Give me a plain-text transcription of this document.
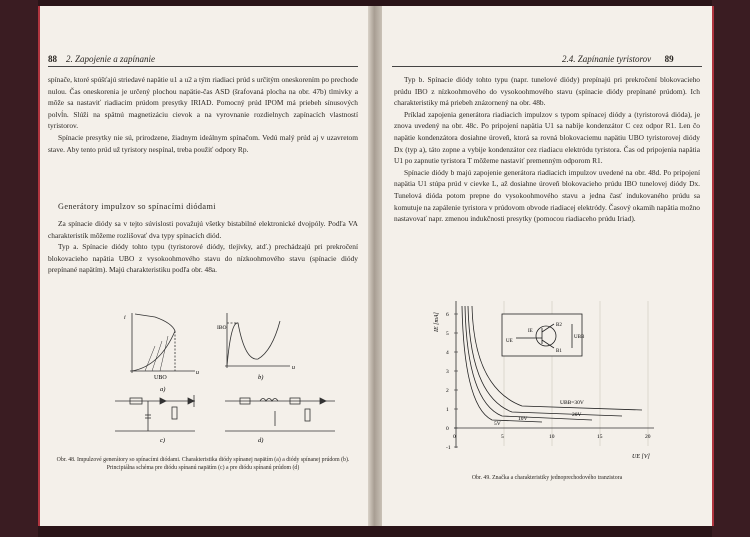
88 2. Zapojenie a zapínanie

spínače, ktoré spúšťajú striedavé napätie u1 a u2 a tým riadiaci prúd s určitým oneskorením po prechode nulou. Čas oneskorenia je určený plochou napätie-čas ASD (šrafovaná plocha na obr. 47b) tlmivky a môže sa nastaviť riadiacim prúdom presytky IRIAD. Pomocný prúd IPOM má priebeh sínusových polvĺn. Slúži na spätnú magnetizáciu cievok a na vyrovnanie rozdielnych zapínacích vlastností tyristorov.

Spínacie presytky nie sú, prirodzene, žiadnym ideálnym spínačom. Vedú malý prúd aj v uzavretom stave. Aby tento prúd už tyristory nespínal, treba použiť odpory Rp.

Generátory impulzov so spínacími diódami

Za spínacie diódy sa v tejto súvislosti považujú všetky bistabilné elektronické dvojpóly. Podľa VA charakteristík môžeme rozlišovať dva typy spínacích diód.

Typ a. Spínacie diódy tohto typu (tyristorové diódy, tlejivky, atď.) prechádzajú pri prekročení blokovacieho napätia UBO z vysokoohmového stavu do nízkoohmového stavu (spínacie diódy prepínané napätím). Majú charakteristiku podľa obr. 48a.

UBO
u
i
a)
IBO
u
b)
c)	d)
Obr. 48. Impulzové generátory so spínacími diódami. Charakteristika diódy spínanej napätím (a) a diódy spínanej prúdom (b). Principiálna schéma pre diódu spínanú napätím (c) a pre diódu spínanú prúdom (d)
2.4. Zapínanie tyristorov 89

Typ b. Spínacie diódy tohto typu (napr. tunelové diódy) prepínajú pri prekročení blokovacieho prúdu IBO z nízkoohmového do vysokoohmového stavu (spínacie diódy prepínané prúdom). Ich charakteristiky má priebeh znázornený na obr. 48b.

Príklad zapojenia generátora riadiacich impulzov s typom spínacej diódy a (tyristorová dióda), je znova uvedený na obr. 48c. Po pripojení napätia U1 sa nabíje kondenzátor C cez odpor R1. Len čo napätie kondenzátora dosiahne úroveň, ktorá sa rovná blokovaciemu napätiu UBO tyristorovej diódy Dx (typ a), táto zopne a vybije kondenzátor cez riadiacu elektródu tyristora. Čas od pripojenia napätia U1 po zapnutie tyristora T môžeme nastaviť premenným odporom R1.

Spínacie diódy b majú zapojenie generátora riadiacich impulzov uvedené na obr. 48d. Po pripojení napätia U1 stúpa prúd v cievke L, až dosiahne úroveň blokovacieho prúdu IBO tunelovej diódy Dx. Tunelová dióda potom prepne do vysokoohmového stavu a jedna časť indukovaného prúdu sa komutuje na zapálenie tyristora v prúdovom obvode riadiacej elektródy. Časový okamih napätia možno nastavovať napr. zmenou indukčnosti presytky (pomocou riadiaceho prúdu Iriad).

6
5
4
3
2
1
0
-1
0	5	10	15	20
IE [mA]
UE [V]
UBB=30V
20V
10V
5V
IE
UE
B2
B1
UBB
Obr. 49. Značka a charakteristiky jednoprechodového tranzistora
